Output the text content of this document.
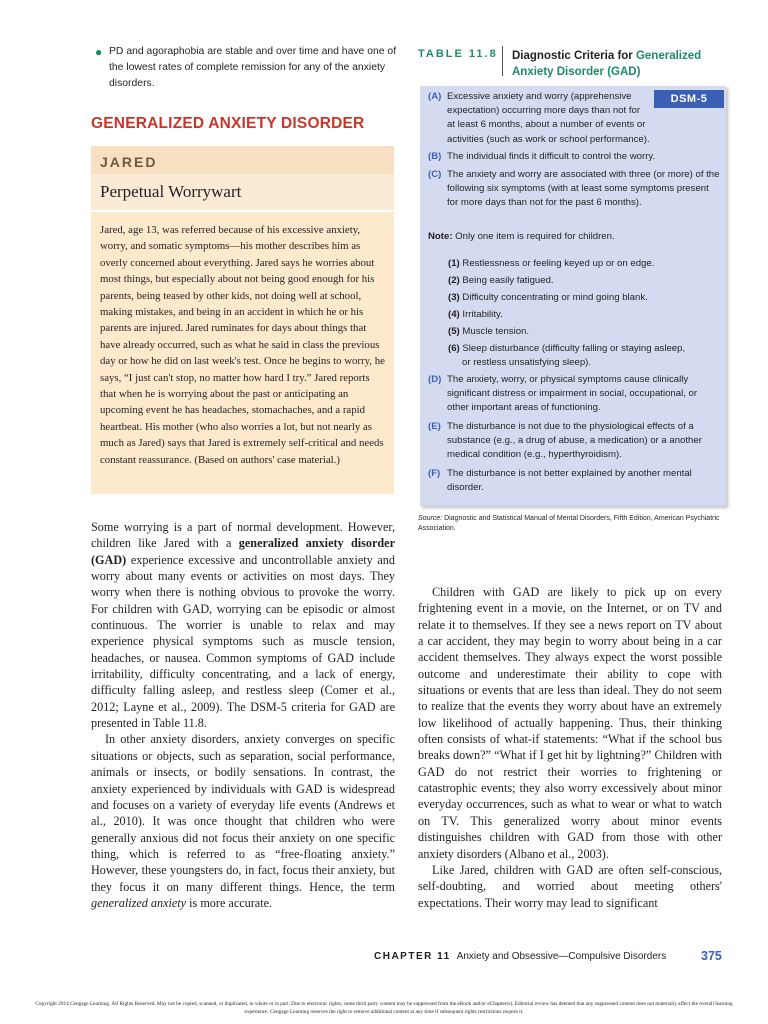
● PD and agoraphobia are stable and over time and have one of the lowest rates of complete remission for any of the anxiety disorders.
GENERALIZED ANXIETY DISORDER
JARED
Perpetual Worrywart
Jared, age 13, was referred because of his excessive anxiety, worry, and somatic symptoms—his mother describes him as overly concerned about everything. Jared says he worries about most things, but especially about not being good enough for his parents, being teased by other kids, not doing well at school, making mistakes, and being in an accident in which he or his parents are injured. Jared ruminates for days about things that have already occurred, such as what he said in class the previous day or how he did on last week's test. Once he begins to worry, he says, “I just can't stop, no matter how hard I try.” Jared reports that when he is worrying about the past or anticipating an upcoming event he has headaches, stomachaches, and a rapid heartbeat. His mother (who also worries a lot, but not nearly as much as Jared) says that Jared is extremely self-critical and needs constant reassurance. (Based on authors' case material.)
TABLE 11.8 Diagnostic Criteria for Generalized Anxiety Disorder (GAD)
DSM-5
(A) Excessive anxiety and worry (apprehensive expectation) occurring more days than not for at least 6 months, about a number of events or activities (such as work or school performance).
(B) The individual finds it difficult to control the worry.
(C) The anxiety and worry are associated with three (or more) of the following six symptoms (with at least some symptoms present for more days than not for the past 6 months).
Note: Only one item is required for children.
(1) Restlessness or feeling keyed up or on edge.
(2) Being easily fatigued.
(3) Difficulty concentrating or mind going blank.
(4) Irritability.
(5) Muscle tension.
(6) Sleep disturbance (difficulty falling or staying asleep,
or restless unsatisfying sleep).
(D) The anxiety, worry, or physical symptoms cause clinically significant distress or impairment in social, occupational, or other important areas of functioning.
(E) The disturbance is not due to the physiological effects of a substance (e.g., a drug of abuse, a medication) or a another medical condition (e.g., hyperthyroidism).
(F) The disturbance is not better explained by another mental disorder.
Source: Diagnostic and Statistical Manual of Mental Disorders, Fifth Edition, American Psychiatric Association.

Some worrying is a part of normal development. However, children like Jared with a generalized anxiety disorder (GAD) experience excessive and uncontrollable anxiety and worry about many events or activities on most days. They worry when there is nothing obvious to provoke the worry. For children with GAD, worrying can be episodic or almost continuous. The worrier is unable to relax and may experience physical symptoms such as muscle tension, headaches, or nausea. Common symptoms of GAD include irritability, difficulty concentrating, and a lack of energy, difficulty falling asleep, and restless sleep (Comer et al., 2012; Layne et al., 2009). The DSM-5 criteria for GAD are presented in Table 11.8.

In other anxiety disorders, anxiety converges on specific situations or objects, such as separation, social performance, animals or insects, or bodily sensations. In contrast, the anxiety experienced by individuals with GAD is widespread and focuses on a variety of everyday life events (Andrews et al., 2010). It was once thought that children who were generally anxious did not focus their anxiety on one specific thing, which is referred to as “free-floating anxiety.” However, these youngsters do, in fact, focus their anxiety, but they focus it on many different things. Hence, the term generalized anxiety is more accurate.

Children with GAD are likely to pick up on every frightening event in a movie, on the Internet, or on TV and relate it to themselves. If they see a news report on TV about a car accident, they may begin to worry about being in a car accident themselves. They always expect the worst possible outcome and underestimate their ability to cope with situations or events that are less than ideal. They do not seem to realize that the events they worry about have an extremely low likelihood of actually happening. Thus, their thinking often consists of what-if statements: “What if the school bus breaks down?” “What if I get hit by lightning?” Children with GAD do not restrict their worries to frightening or catastrophic events; they also worry excessively about minor everyday occurrences, such as what to wear or what to watch on TV. This generalized worry about minor events distinguishes children with GAD from those with other anxiety disorders (Albano et al., 2003).

Like Jared, children with GAD are often self-conscious, self-doubting, and worried about meeting others' expectations. Their worry may lead to significant

CHAPTER 11 Anxiety and Obsessive—Compulsive Disorders	375
Copyright 2014 Cengage Learning. All Rights Reserved. May not be copied, scanned, or duplicated, in whole or in part. Due to electronic rights, some third party content may be suppressed from the eBook and/or eChapter(s). Editorial review has deemed that any suppressed content does not materially affect the overall learning experience. Cengage Learning reserves the right to remove additional content at any time if subsequent rights restrictions require it.
